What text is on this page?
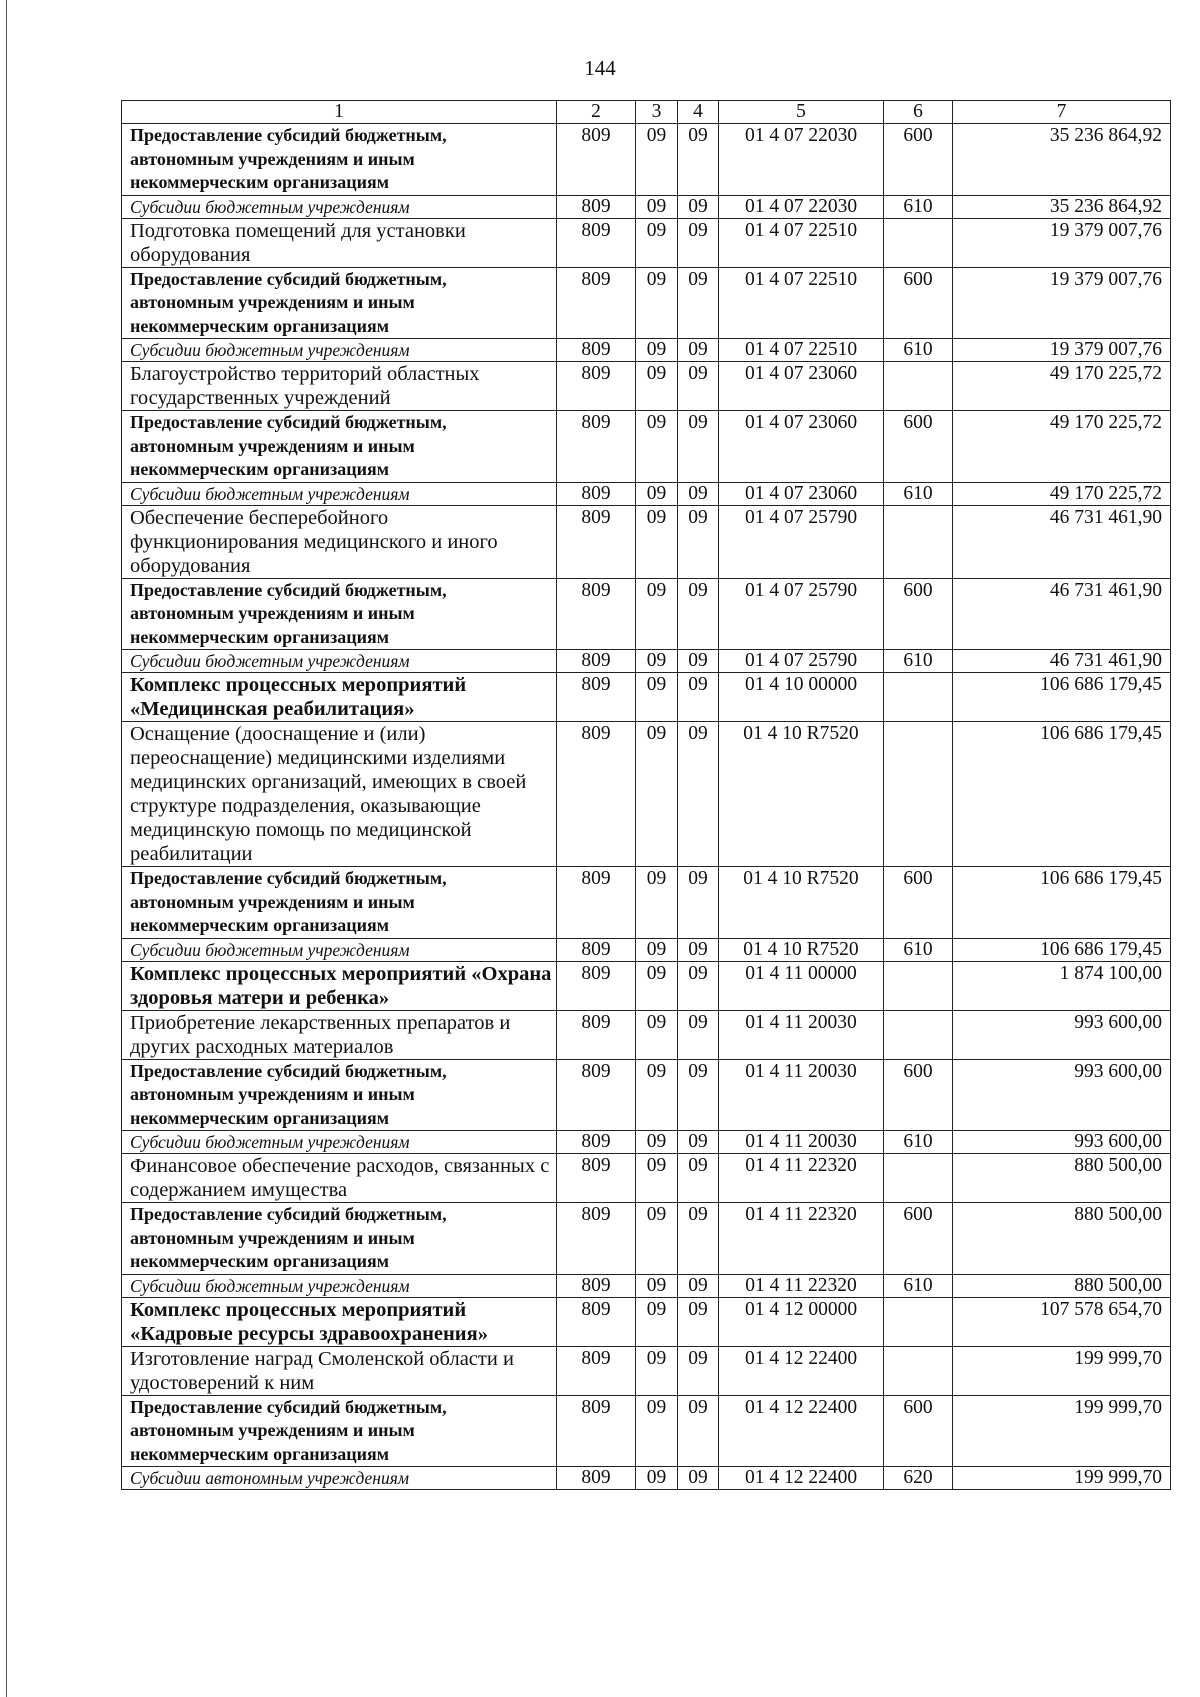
144
1	2	3	4	5	6	7
Предоставление субсидий бюджетным, автономным учреждениям и иным некоммерческим организациям	809	09	09	01 4 07 22030	600	35 236 864,92
Субсидии бюджетным учреждениям	809	09	09	01 4 07 22030	610	35 236 864,92
Подготовка помещений для установки оборудования	809	09	09	01 4 07 22510		19 379 007,76
Предоставление субсидий бюджетным, автономным учреждениям и иным некоммерческим организациям	809	09	09	01 4 07 22510	600	19 379 007,76
Субсидии бюджетным учреждениям	809	09	09	01 4 07 22510	610	19 379 007,76
Благоустройство территорий областных государственных учреждений	809	09	09	01 4 07 23060		49 170 225,72
Предоставление субсидий бюджетным, автономным учреждениям и иным некоммерческим организациям	809	09	09	01 4 07 23060	600	49 170 225,72
Субсидии бюджетным учреждениям	809	09	09	01 4 07 23060	610	49 170 225,72
Обеспечение бесперебойного функционирования медицинского и иного оборудования	809	09	09	01 4 07 25790		46 731 461,90
Предоставление субсидий бюджетным, автономным учреждениям и иным некоммерческим организациям	809	09	09	01 4 07 25790	600	46 731 461,90
Субсидии бюджетным учреждениям	809	09	09	01 4 07 25790	610	46 731 461,90
Комплекс процессных мероприятий «Медицинская реабилитация»	809	09	09	01 4 10 00000		106 686 179,45
Оснащение (дооснащение и (или) переоснащение) медицинскими изделиями медицинских организаций, имеющих в своей структуре подразделения, оказывающие медицинскую помощь по медицинской реабилитации	809	09	09	01 4 10 R7520		106 686 179,45
Предоставление субсидий бюджетным, автономным учреждениям и иным некоммерческим организациям	809	09	09	01 4 10 R7520	600	106 686 179,45
Субсидии бюджетным учреждениям	809	09	09	01 4 10 R7520	610	106 686 179,45
Комплекс процессных мероприятий «Охрана здоровья матери и ребенка»	809	09	09	01 4 11 00000		1 874 100,00
Приобретение лекарственных препаратов и других расходных материалов	809	09	09	01 4 11 20030		993 600,00
Предоставление субсидий бюджетным, автономным учреждениям и иным некоммерческим организациям	809	09	09	01 4 11 20030	600	993 600,00
Субсидии бюджетным учреждениям	809	09	09	01 4 11 20030	610	993 600,00
Финансовое обеспечение расходов, связанных с содержанием имущества	809	09	09	01 4 11 22320		880 500,00
Предоставление субсидий бюджетным, автономным учреждениям и иным некоммерческим организациям	809	09	09	01 4 11 22320	600	880 500,00
Субсидии бюджетным учреждениям	809	09	09	01 4 11 22320	610	880 500,00
Комплекс процессных мероприятий «Кадровые ресурсы здравоохранения»	809	09	09	01 4 12 00000		107 578 654,70
Изготовление наград Смоленской области и удостоверений к ним	809	09	09	01 4 12 22400		199 999,70
Предоставление субсидий бюджетным, автономным учреждениям и иным некоммерческим организациям	809	09	09	01 4 12 22400	600	199 999,70
Субсидии автономным учреждениям	809	09	09	01 4 12 22400	620	199 999,70
